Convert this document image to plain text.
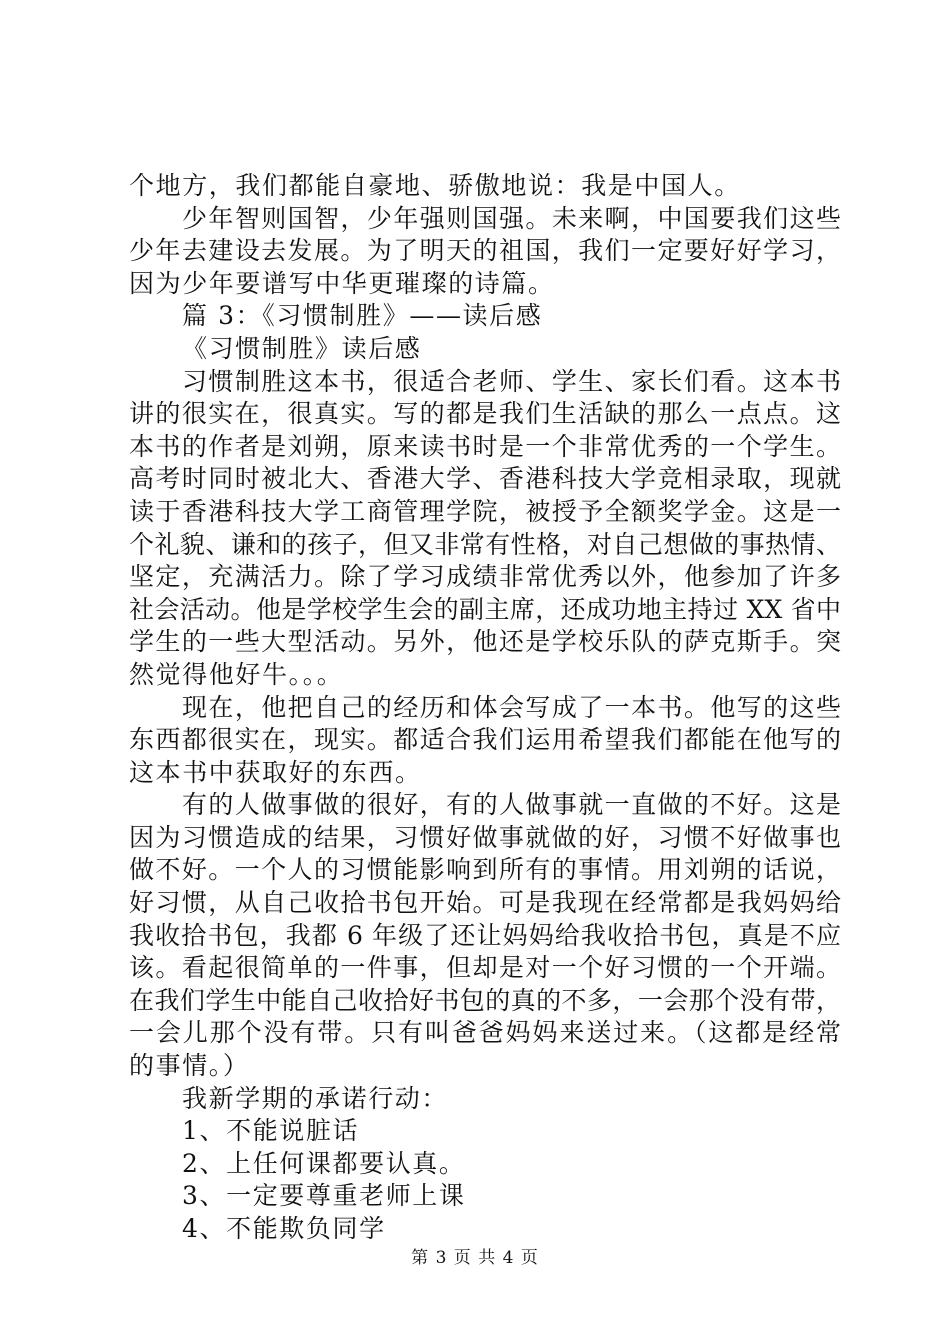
个地方，我们都能自豪地、骄傲地说：我是中国人。
少年智则国智，少年强则国强。未来啊，中国要我们这些
少年去建设去发展。为了明天的祖国，我们一定要好好学习，
因为少年要谱写中华更璀璨的诗篇。
篇 3：《习惯制胜》——读后感
《习惯制胜》读后感
习惯制胜这本书，很适合老师、学生、家长们看。这本书
讲的很实在，很真实。写的都是我们生活缺的那么一点点。这
本书的作者是刘朔，原来读书时是一个非常优秀的一个学生。
高考时同时被北大、香港大学、香港科技大学竞相录取，现就
读于香港科技大学工商管理学院，被授予全额奖学金。这是一
个礼貌、谦和的孩子，但又非常有性格，对自己想做的事热情、
坚定，充满活力。除了学习成绩非常优秀以外，他参加了许多
社会活动。他是学校学生会的副主席，还成功地主持过 XX 省中
学生的一些大型活动。另外，他还是学校乐队的萨克斯手。突
然觉得他好牛。。。
现在，他把自己的经历和体会写成了一本书。他写的这些
东西都很实在，现实。都适合我们运用希望我们都能在他写的
这本书中获取好的东西。
有的人做事做的很好，有的人做事就一直做的不好。这是
因为习惯造成的结果，习惯好做事就做的好，习惯不好做事也
做不好。一个人的习惯能影响到所有的事情。用刘朔的话说，
好习惯，从自己收拾书包开始。可是我现在经常都是我妈妈给
我收拾书包，我都 6 年级了还让妈妈给我收拾书包，真是不应
该。看起很简单的一件事，但却是对一个好习惯的一个开端。
在我们学生中能自己收拾好书包的真的不多，一会那个没有带，
一会儿那个没有带。只有叫爸爸妈妈来送过来。（这都是经常
的事情。）
我新学期的承诺行动：
1、不能说脏话
2、上任何课都要认真。
3、一定要尊重老师上课
4、不能欺负同学
第 3 页 共 4 页
